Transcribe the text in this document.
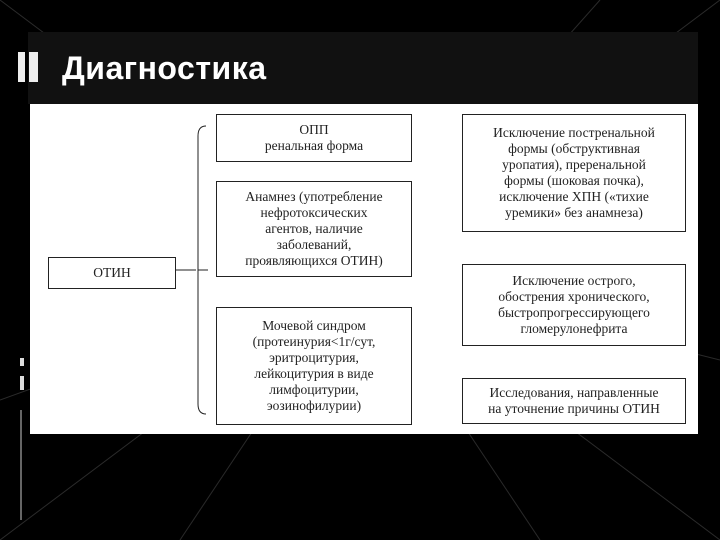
Диагностика
ОТИН
ОПП
ренальная форма
Анамнез (употребление
нефротоксических
агентов, наличие
заболеваний,
проявляющихся ОТИН)
Мочевой синдром
(протеинурия<1г/сут,
эритроцитурия,
лейкоцитурия в виде
лимфоцитурии,
эозинофилурии)
Исключение постренальной
формы (обструктивная
уропатия), преренальной
формы (шоковая почка),
исключение ХПН («тихие
уремики» без анамнеза)
Исключение острого,
обострения хронического,
быстропрогрессирующего
гломерулонефрита
Исследования, направленные
на уточнение причины ОТИН
